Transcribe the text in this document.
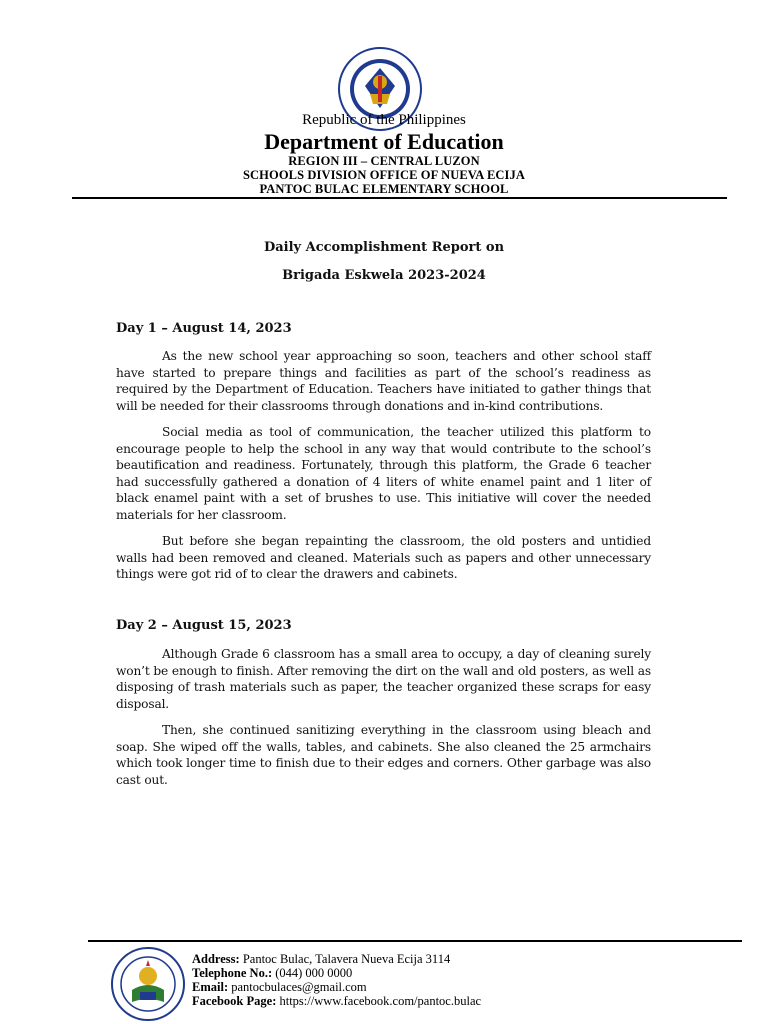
Republic of the Philippines
Department of Education
REGION III – CENTRAL LUZON
SCHOOLS DIVISION OFFICE OF NUEVA ECIJA
PANTOC BULAC ELEMENTARY SCHOOL
Daily Accomplishment Report on
Brigada Eskwela 2023-2024
Day 1 – August 14, 2023

As the new school year approaching so soon, teachers and other school staff have started to prepare things and facilities as part of the school’s readiness as required by the Department of Education. Teachers have initiated to gather things that will be needed for their classrooms through donations and in-kind contributions.

Social media as tool of communication, the teacher utilized this platform to encourage people to help the school in any way that would contribute to the school’s beautification and readiness. Fortunately, through this platform, the Grade 6 teacher had successfully gathered a donation of 4 liters of white enamel paint and 1 liter of black enamel paint with a set of brushes to use. This initiative will cover the needed materials for her classroom.

But before she began repainting the classroom, the old posters and untidied walls had been removed and cleaned. Materials such as papers and other unnecessary things were got rid of to clear the drawers and cabinets.

Day 2 – August 15, 2023

Although Grade 6 classroom has a small area to occupy, a day of cleaning surely won’t be enough to finish. After removing the dirt on the wall and old posters, as well as disposing of trash materials such as paper, the teacher organized these scraps for easy disposal.

Then, she continued sanitizing everything in the classroom using bleach and soap. She wiped off the walls, tables, and cabinets. She also cleaned the 25 armchairs which took longer time to finish due to their edges and corners. Other garbage was also cast out.

Address: Pantoc Bulac, Talavera Nueva Ecija 3114
Telephone No.: (044) 000 0000
Email: pantocbulaces@gmail.com
Facebook Page: https://www.facebook.com/pantoc.bulac
